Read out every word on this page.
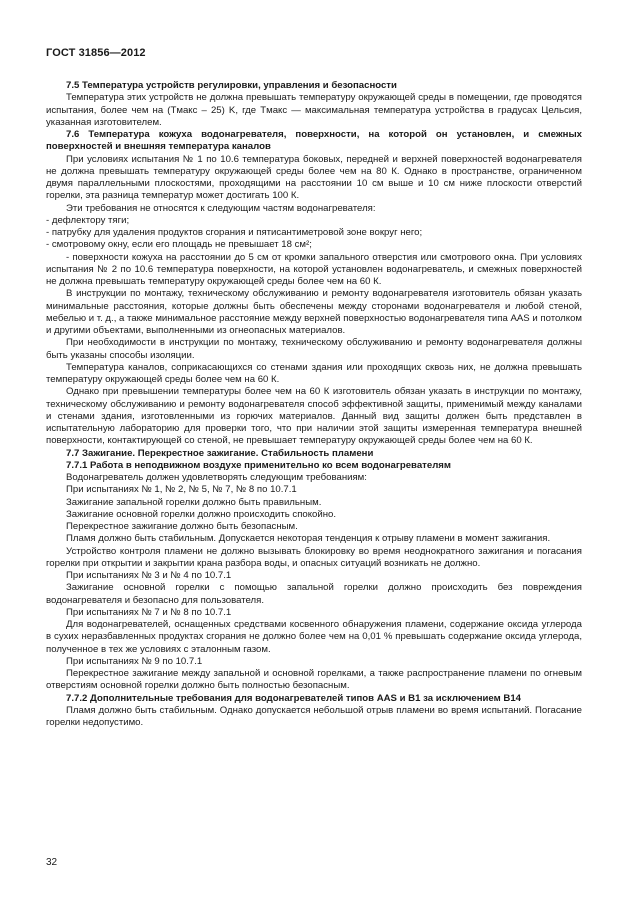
ГОСТ 31856—2012

7.5 Температура устройств регулировки, управления и безопасности

Температура этих устройств не должна превышать температуру окружающей среды в помещении, где проводятся испытания, более чем на (Tмакс – 25) K, где Tмакс — максимальная температура устройства в градусах Цельсия, указанная изготовителем.

7.6 Температура кожуха водонагревателя, поверхности, на которой он установлен, и смежных поверхностей и внешняя температура каналов

При условиях испытания № 1 по 10.6 температура боковых, передней и верхней поверхностей водонагревателя не должна превышать температуру окружающей среды более чем на 80 К. Однако в пространстве, ограниченном двумя параллельными плоскостями, проходящими на расстоянии 10 см выше и 10 см ниже плоскости отверстий горелки, эта разница температур может достигать 100 К.

Эти требования не относятся к следующим частям водонагревателя:

- дефлектору тяги;

- патрубку для удаления продуктов сгорания и пятисантиметровой зоне вокруг него;

- смотровому окну, если его площадь не превышает 18 см²;

- поверхности кожуха на расстоянии до 5 см от кромки запального отверстия или смотрового окна. При условиях испытания № 2 по 10.6 температура поверхности, на которой установлен водонагреватель, и смежных поверхностей не должна превышать температуру окружающей среды более чем на 60 К.

В инструкции по монтажу, техническому обслуживанию и ремонту водонагревателя изготовитель обязан указать минимальные расстояния, которые должны быть обеспечены между сторонами водонагревателя и любой стеной, мебелью и т. д., а также минимальное расстояние между верхней поверхностью водонагревателя типа AAS и потолком и другими объектами, выполненными из огнеопасных материалов.

При необходимости в инструкции по монтажу, техническому обслуживанию и ремонту водонагревателя должны быть указаны способы изоляции.

Температура каналов, соприкасающихся со стенами здания или проходящих сквозь них, не должна превышать температуру окружающей среды более чем на 60 К.

Однако при превышении температуры более чем на 60 К изготовитель обязан указать в инструкции по монтажу, техническому обслуживанию и ремонту водонагревателя способ эффективной защиты, применимый между каналами и стенами здания, изготовленными из горючих материалов. Данный вид защиты должен быть представлен в испытательную лабораторию для проверки того, что при наличии этой защиты измеренная температура внешней поверхности, контактирующей со стеной, не превышает температуру окружающей среды более чем на 60 К.

7.7 Зажигание. Перекрестное зажигание. Стабильность пламени

7.7.1 Работа в неподвижном воздухе применительно ко всем водонагревателям

Водонагреватель должен удовлетворять следующим требованиям:

При испытаниях № 1, № 2, № 5, № 7, № 8 по 10.7.1

Зажигание запальной горелки должно быть правильным.

Зажигание основной горелки должно происходить спокойно.

Перекрестное зажигание должно быть безопасным.

Пламя должно быть стабильным. Допускается некоторая тенденция к отрыву пламени в момент зажигания.

Устройство контроля пламени не должно вызывать блокировку во время неоднократного зажигания и погасания горелки при открытии и закрытии крана разбора воды, и опасных ситуаций возникать не должно.

При испытаниях № 3 и № 4 по 10.7.1

Зажигание основной горелки с помощью запальной горелки должно происходить без повреждения водонагревателя и безопасно для пользователя.

При испытаниях № 7 и № 8 по 10.7.1

Для водонагревателей, оснащенных средствами косвенного обнаружения пламени, содержание оксида углерода в сухих неразбавленных продуктах сгорания не должно более чем на 0,01 % превышать содержание оксида углерода, полученное в тех же условиях с эталонным газом.

При испытаниях № 9 по 10.7.1

Перекрестное зажигание между запальной и основной горелками, а также распространение пламени по огневым отверстиям основной горелки должно быть полностью безопасным.

7.7.2 Дополнительные требования для водонагревателей типов AAS и B1 за исключением B14

Пламя должно быть стабильным. Однако допускается небольшой отрыв пламени во время испытаний. Погасание горелки недопустимо.

32
